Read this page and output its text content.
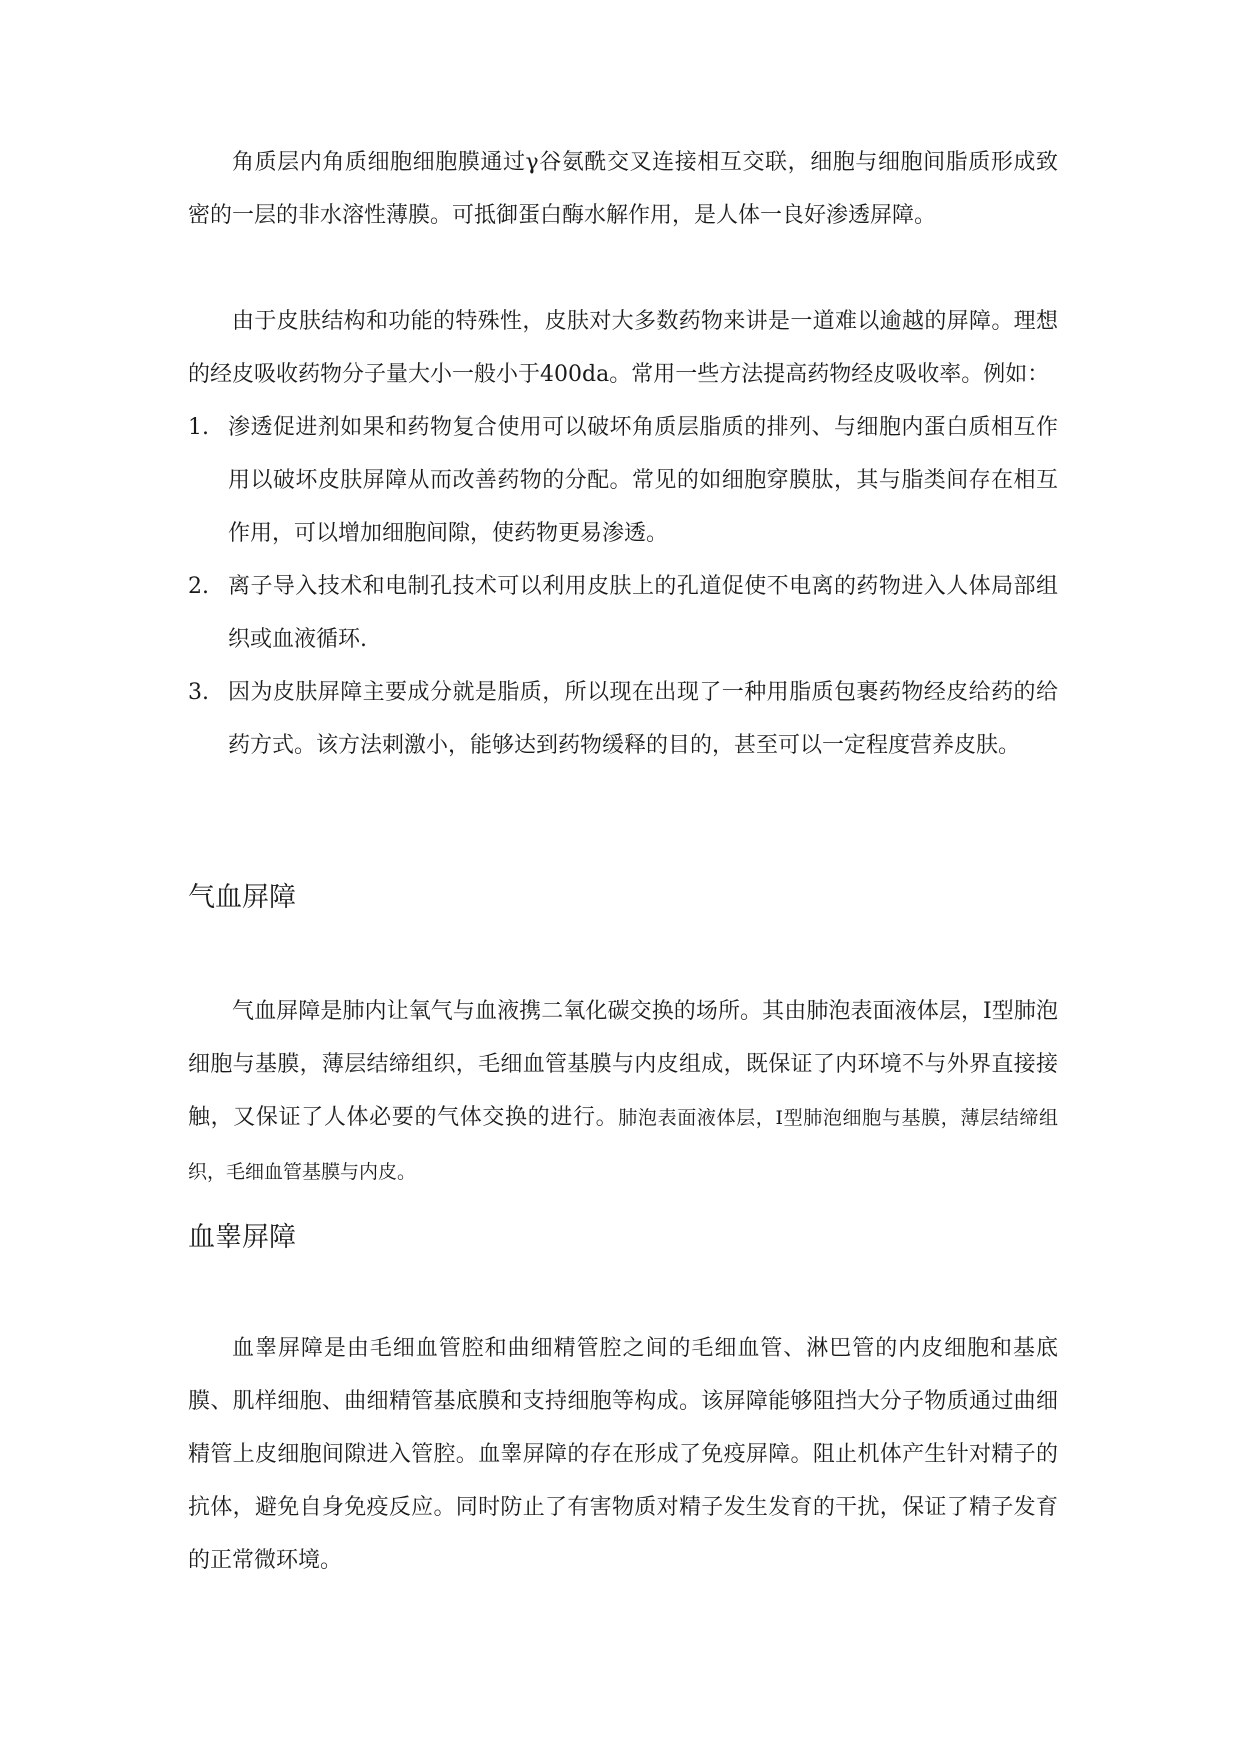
角质层内角质细胞细胞膜通过γ谷氨酰交叉连接相互交联，细胞与细胞间脂质形成致密的一层的非水溶性薄膜。可抵御蛋白酶水解作用，是人体一良好渗透屏障。

由于皮肤结构和功能的特殊性，皮肤对大多数药物来讲是一道难以逾越的屏障。理想的经皮吸收药物分子量大小一般小于400da。常用一些方法提高药物经皮吸收率。例如：

1. 渗透促进剂如果和药物复合使用可以破坏角质层脂质的排列、与细胞内蛋白质相互作用以破坏皮肤屏障从而改善药物的分配。常见的如细胞穿膜肽，其与脂类间存在相互作用，可以增加细胞间隙，使药物更易渗透。
2. 离子导入技术和电制孔技术可以利用皮肤上的孔道促使不电离的药物进入人体局部组织或血液循环.
3. 因为皮肤屏障主要成分就是脂质，所以现在出现了一种用脂质包裹药物经皮给药的给药方式。该方法刺激小，能够达到药物缓释的目的，甚至可以一定程度营养皮肤。
气血屏障

气血屏障是肺内让氧气与血液携二氧化碳交换的场所。其由肺泡表面液体层，I型肺泡细胞与基膜，薄层结缔组织，毛细血管基膜与内皮组成，既保证了内环境不与外界直接接触，又保证了人体必要的气体交换的进行。肺泡表面液体层，I型肺泡细胞与基膜，薄层结缔组织，毛细血管基膜与内皮。

血睾屏障

血睾屏障是由毛细血管腔和曲细精管腔之间的毛细血管、淋巴管的内皮细胞和基底膜、肌样细胞、曲细精管基底膜和支持细胞等构成。该屏障能够阻挡大分子物质通过曲细精管上皮细胞间隙进入管腔。血睾屏障的存在形成了免疫屏障。阻止机体产生针对精子的抗体，避免自身免疫反应。同时防止了有害物质对精子发生发育的干扰，保证了精子发育的正常微环境。
